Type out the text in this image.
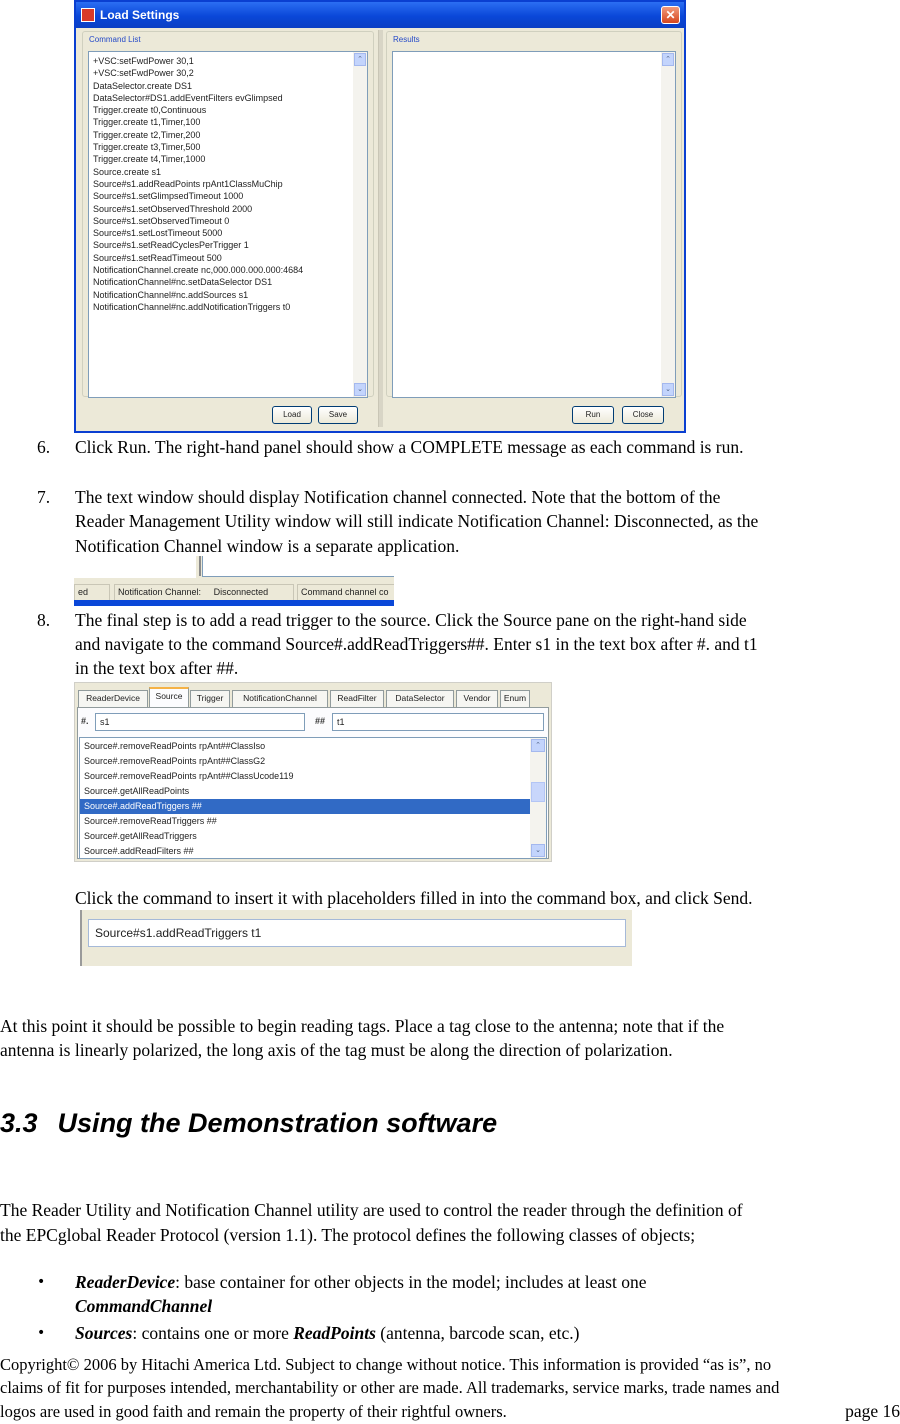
Load Settings	✕
Command List
+VSC:setFwdPower 30,1
+VSC:setFwdPower 30,2
DataSelector.create DS1
DataSelector#DS1.addEventFilters evGlimpsed
Trigger.create t0,Continuous
Trigger.create t1,Timer,100
Trigger.create t2,Timer,200
Trigger.create t3,Timer,500
Trigger.create t4,Timer,1000
Source.create s1
Source#s1.addReadPoints rpAnt1ClassMuChip
Source#s1.setGlimpsedTimeout 1000
Source#s1.setObservedThreshold 2000
Source#s1.setObservedTimeout 0
Source#s1.setLostTimeout 5000
Source#s1.setReadCyclesPerTrigger 1
Source#s1.setReadTimeout 500
NotificationChannel.create nc,000.000.000.000:4684
NotificationChannel#nc.setDataSelector DS1
NotificationChannel#nc.addSources s1
NotificationChannel#nc.addNotificationTriggers t0
⌃
⌄
Load	Save
Results
⌃
⌄
Run	Close
6. Click Run. The right-hand panel should show a COMPLETE message as each command is run.
7. The text window should display Notification channel connected. Note that the bottom of the
Reader Management Utility window will still indicate Notification Channel: Disconnected, as the
Notification Channel window is a separate application.
ed	Notification Channel: Disconnected	Command channel co
8. The final step is to add a read trigger to the source. Click the Source pane on the right-hand side
and navigate to the command Source#.addReadTriggers##. Enter s1 in the text box after #. and t1
in the text box after ##.
ReaderDevice	Source	Trigger	NotificationChannel	ReadFilter	DataSelector	Vendor	Enum
#.	s1	##	t1
Source#.removeReadPoints rpAnt##ClassIso
Source#.removeReadPoints rpAnt##ClassG2
Source#.removeReadPoints rpAnt##ClassUcode119
Source#.getAllReadPoints
Source#.addReadTriggers ##
Source#.removeReadTriggers ##
Source#.getAllReadTriggers
Source#.addReadFilters ##
⌃
⌄
Click the command to insert it with placeholders filled in into the command box, and click Send.
Source#s1.addReadTriggers t1
At this point it should be possible to begin reading tags. Place a tag close to the antenna; note that if the
antenna is linearly polarized, the long axis of the tag must be along the direction of polarization.
3.3 Using the Demonstration software
The Reader Utility and Notification Channel utility are used to control the reader through the definition of
the EPCglobal Reader Protocol (version 1.1). The protocol defines the following classes of objects;
• ReaderDevice: base container for other objects in the model; includes at least one
CommandChannel
• Sources: contains one or more ReadPoints (antenna, barcode scan, etc.)
Copyright© 2006 by Hitachi America Ltd. Subject to change without notice. This information is provided “as is”, no
claims of fit for purposes intended, merchantability or other are made. All trademarks, service marks, trade names and
logos are used in good faith and remain the property of their rightful owners.	page 16
